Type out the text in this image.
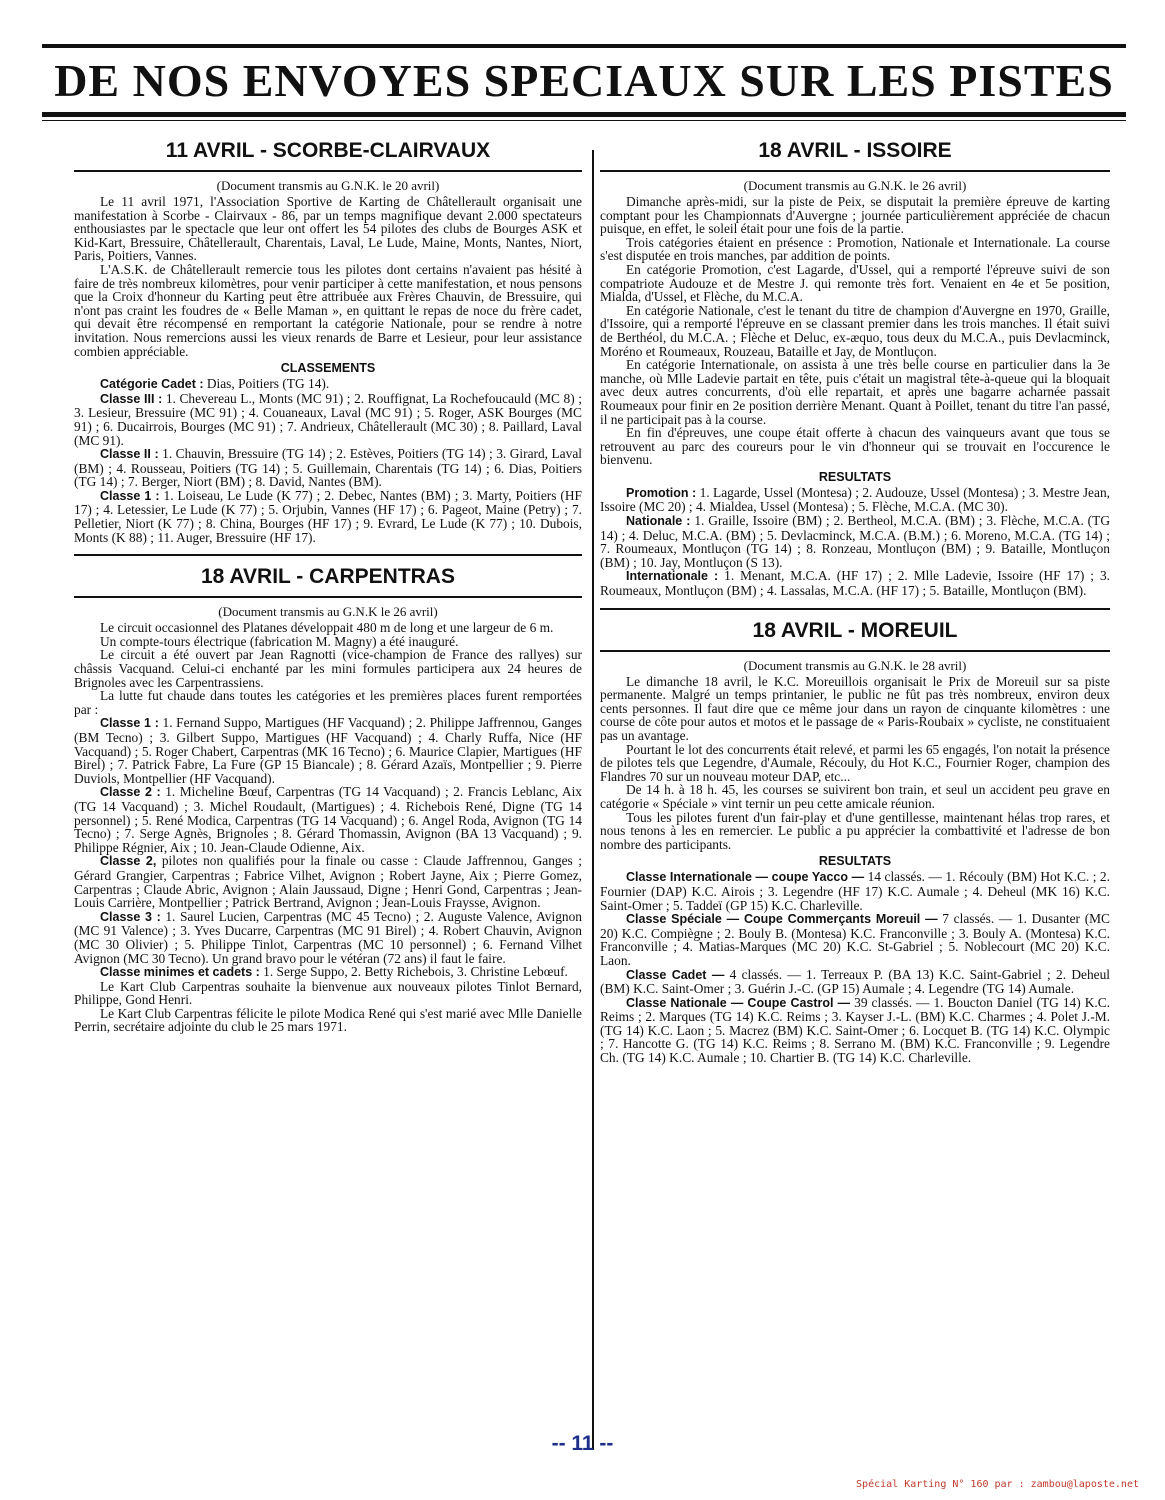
DE NOS ENVOYES SPECIAUX SUR LES PISTES
11 AVRIL - SCORBE-CLAIRVAUX
(Document transmis au G.N.K. le 20 avril)

Le 11 avril 1971, l'Association Sportive de Karting de Châtellerault organisait une manifestation à Scorbe - Clairvaux - 86, par un temps magnifique devant 2.000 spectateurs enthousiastes par le spectacle que leur ont offert les 54 pilotes des clubs de Bourges ASK et Kid-Kart, Bressuire, Châtellerault, Charentais, Laval, Le Lude, Maine, Monts, Nantes, Niort, Paris, Poitiers, Vannes.

L'A.S.K. de Châtellerault remercie tous les pilotes dont certains n'avaient pas hésité à faire de très nombreux kilomètres, pour venir participer à cette manifestation, et nous pensons que la Croix d'honneur du Karting peut être attribuée aux Frères Chauvin, de Bressuire, qui n'ont pas craint les foudres de « Belle Maman », en quittant le repas de noce du frère cadet, qui devait être récompensé en remportant la catégorie Nationale, pour se rendre à notre invitation. Nous remercions aussi les vieux renards de Barre et Lesieur, pour leur assistance combien appréciable.

CLASSEMENTS

Catégorie Cadet : Dias, Poitiers (TG 14).

Classe III : 1. Chevereau L., Monts (MC 91) ; 2. Rouffignat, La Rochefoucauld (MC 8) ; 3. Lesieur, Bressuire (MC 91) ; 4. Couaneaux, Laval (MC 91) ; 5. Roger, ASK Bourges (MC 91) ; 6. Ducairrois, Bourges (MC 91) ; 7. Andrieux, Châtellerault (MC 30) ; 8. Paillard, Laval (MC 91).

Classe II : 1. Chauvin, Bressuire (TG 14) ; 2. Estèves, Poitiers (TG 14) ; 3. Girard, Laval (BM) ; 4. Rousseau, Poitiers (TG 14) ; 5. Guillemain, Charentais (TG 14) ; 6. Dias, Poitiers (TG 14) ; 7. Berger, Niort (BM) ; 8. David, Nantes (BM).

Classe 1 : 1. Loiseau, Le Lude (K 77) ; 2. Debec, Nantes (BM) ; 3. Marty, Poitiers (HF 17) ; 4. Letessier, Le Lude (K 77) ; 5. Orjubin, Vannes (HF 17) ; 6. Pageot, Maine (Petry) ; 7. Pelletier, Niort (K 77) ; 8. China, Bourges (HF 17) ; 9. Evrard, Le Lude (K 77) ; 10. Dubois, Monts (K 88) ; 11. Auger, Bressuire (HF 17).

18 AVRIL - CARPENTRAS
(Document transmis au G.N.K le 26 avril)

Le circuit occasionnel des Platanes développait 480 m de long et une largeur de 6 m.

Un compte-tours électrique (fabrication M. Magny) a été inauguré.

Le circuit a été ouvert par Jean Ragnotti (vice-champion de France des rallyes) sur châssis Vacquand. Celui-ci enchanté par les mini formules participera aux 24 heures de Brignoles avec les Carpentrassiens.

La lutte fut chaude dans toutes les catégories et les premières places furent remportées par :

Classe 1 : 1. Fernand Suppo, Martigues (HF Vacquand) ; 2. Philippe Jaffrennou, Ganges (BM Tecno) ; 3. Gilbert Suppo, Martigues (HF Vacquand) ; 4. Charly Ruffa, Nice (HF Vacquand) ; 5. Roger Chabert, Carpentras (MK 16 Tecno) ; 6. Maurice Clapier, Martigues (HF Birel) ; 7. Patrick Fabre, La Fure (GP 15 Biancale) ; 8. Gérard Azaïs, Montpellier ; 9. Pierre Duviols, Montpellier (HF Vacquand).

Classe 2 : 1. Micheline Bœuf, Carpentras (TG 14 Vacquand) ; 2. Francis Leblanc, Aix (TG 14 Vacquand) ; 3. Michel Roudault, (Martigues) ; 4. Richebois René, Digne (TG 14 personnel) ; 5. René Modica, Carpentras (TG 14 Vacquand) ; 6. Angel Roda, Avignon (TG 14 Tecno) ; 7. Serge Agnès, Brignoles ; 8. Gérard Thomassin, Avignon (BA 13 Vacquand) ; 9. Philippe Régnier, Aix ; 10. Jean-Claude Odienne, Aix.

Classe 2, pilotes non qualifiés pour la finale ou casse : Claude Jaffrennou, Ganges ; Gérard Grangier, Carpentras ; Fabrice Vilhet, Avignon ; Robert Jayne, Aix ; Pierre Gomez, Carpentras ; Claude Abric, Avignon ; Alain Jaussaud, Digne ; Henri Gond, Carpentras ; Jean-Louis Carrière, Montpellier ; Patrick Bertrand, Avignon ; Jean-Louis Fraysse, Avignon.

Classe 3 : 1. Saurel Lucien, Carpentras (MC 45 Tecno) ; 2. Auguste Valence, Avignon (MC 91 Valence) ; 3. Yves Ducarre, Carpentras (MC 91 Birel) ; 4. Robert Chauvin, Avignon (MC 30 Olivier) ; 5. Philippe Tinlot, Carpentras (MC 10 personnel) ; 6. Fernand Vilhet Avignon (MC 30 Tecno). Un grand bravo pour le vétéran (72 ans) il faut le faire.

Classe minimes et cadets : 1. Serge Suppo, 2. Betty Richebois, 3. Christine Lebœuf.

Le Kart Club Carpentras souhaite la bienvenue aux nouveaux pilotes Tinlot Bernard, Philippe, Gond Henri.

Le Kart Club Carpentras félicite le pilote Modica René qui s'est marié avec Mlle Danielle Perrin, secrétaire adjointe du club le 25 mars 1971.

18 AVRIL - ISSOIRE
(Document transmis au G.N.K. le 26 avril)

Dimanche après-midi, sur la piste de Peix, se disputait la première épreuve de karting comptant pour les Championnats d'Auvergne ; journée particulièrement appréciée de chacun puisque, en effet, le soleil était pour une fois de la partie.

Trois catégories étaient en présence : Promotion, Nationale et Internationale. La course s'est disputée en trois manches, par addition de points.

En catégorie Promotion, c'est Lagarde, d'Ussel, qui a remporté l'épreuve suivi de son compatriote Audouze et de Mestre J. qui remonte très fort. Venaient en 4e et 5e position, Mialda, d'Ussel, et Flèche, du M.C.A.

En catégorie Nationale, c'est le tenant du titre de champion d'Auvergne en 1970, Graille, d'Issoire, qui a remporté l'épreuve en se classant premier dans les trois manches. Il était suivi de Berthéol, du M.C.A. ; Flèche et Deluc, ex-æquo, tous deux du M.C.A., puis Devlacminck, Moréno et Roumeaux, Rouzeau, Bataille et Jay, de Montluçon.

En catégorie Internationale, on assista à une très belle course en particulier dans la 3e manche, où Mlle Ladevie partait en tête, puis c'était un magistral tête-à-queue qui la bloquait avec deux autres concurrents, d'où elle repartait, et après une bagarre acharnée passait Roumeaux pour finir en 2e position derrière Menant. Quant à Poillet, tenant du titre l'an passé, il ne participait pas à la course.

En fin d'épreuves, une coupe était offerte à chacun des vainqueurs avant que tous se retrouvent au parc des coureurs pour le vin d'honneur qui se trouvait en l'occurence le bienvenu.

RESULTATS

Promotion : 1. Lagarde, Ussel (Montesa) ; 2. Audouze, Ussel (Montesa) ; 3. Mestre Jean, Issoire (MC 20) ; 4. Mialdea, Ussel (Montesa) ; 5. Flèche, M.C.A. (MC 30).

Nationale : 1. Graille, Issoire (BM) ; 2. Bertheol, M.C.A. (BM) ; 3. Flèche, M.C.A. (TG 14) ; 4. Deluc, M.C.A. (BM) ; 5. Devlacminck, M.C.A. (B.M.) ; 6. Moreno, M.C.A. (TG 14) ; 7. Roumeaux, Montluçon (TG 14) ; 8. Ronzeau, Montluçon (BM) ; 9. Bataille, Montluçon (BM) ; 10. Jay, Montluçon (S 13).

Internationale : 1. Menant, M.C.A. (HF 17) ; 2. Mlle Ladevie, Issoire (HF 17) ; 3. Roumeaux, Montluçon (BM) ; 4. Lassalas, M.C.A. (HF 17) ; 5. Bataille, Montluçon (BM).

18 AVRIL - MOREUIL
(Document transmis au G.N.K. le 28 avril)

Le dimanche 18 avril, le K.C. Moreuillois organisait le Prix de Moreuil sur sa piste permanente. Malgré un temps printanier, le public ne fût pas très nombreux, environ deux cents personnes. Il faut dire que ce même jour dans un rayon de cinquante kilomètres : une course de côte pour autos et motos et le passage de « Paris-Roubaix » cycliste, ne constituaient pas un avantage.

Pourtant le lot des concurrents était relevé, et parmi les 65 engagés, l'on notait la présence de pilotes tels que Legendre, d'Aumale, Récouly, du Hot K.C., Fournier Roger, champion des Flandres 70 sur un nouveau moteur DAP, etc...

De 14 h. à 18 h. 45, les courses se suivirent bon train, et seul un accident peu grave en catégorie « Spéciale » vint ternir un peu cette amicale réunion.

Tous les pilotes furent d'un fair-play et d'une gentillesse, maintenant hélas trop rares, et nous tenons à les en remercier. Le public a pu apprécier la combattivité et l'adresse de bon nombre des participants.

RESULTATS

Classe Internationale — coupe Yacco — 14 classés. — 1. Récouly (BM) Hot K.C. ; 2. Fournier (DAP) K.C. Airois ; 3. Legendre (HF 17) K.C. Aumale ; 4. Deheul (MK 16) K.C. Saint-Omer ; 5. Taddeï (GP 15) K.C. Charleville.

Classe Spéciale — Coupe Commerçants Moreuil — 7 classés. — 1. Dusanter (MC 20) K.C. Compiègne ; 2. Bouly B. (Montesa) K.C. Franconville ; 3. Bouly A. (Montesa) K.C. Franconville ; 4. Matias-Marques (MC 20) K.C. St-Gabriel ; 5. Noblecourt (MC 20) K.C. Laon.

Classe Cadet — 4 classés. — 1. Terreaux P. (BA 13) K.C. Saint-Gabriel ; 2. Deheul (BM) K.C. Saint-Omer ; 3. Guérin J.-C. (GP 15) Aumale ; 4. Legendre (TG 14) Aumale.

Classe Nationale — Coupe Castrol — 39 classés. — 1. Boucton Daniel (TG 14) K.C. Reims ; 2. Marques (TG 14) K.C. Reims ; 3. Kayser J.-L. (BM) K.C. Charmes ; 4. Polet J.-M. (TG 14) K.C. Laon ; 5. Macrez (BM) K.C. Saint-Omer ; 6. Locquet B. (TG 14) K.C. Olympic ; 7. Hancotte G. (TG 14) K.C. Reims ; 8. Serrano M. (BM) K.C. Franconville ; 9. Legendre Ch. (TG 14) K.C. Aumale ; 10. Chartier B. (TG 14) K.C. Charleville.

-- 11 --
Spécial Karting N° 160 par : zambou@laposte.net
